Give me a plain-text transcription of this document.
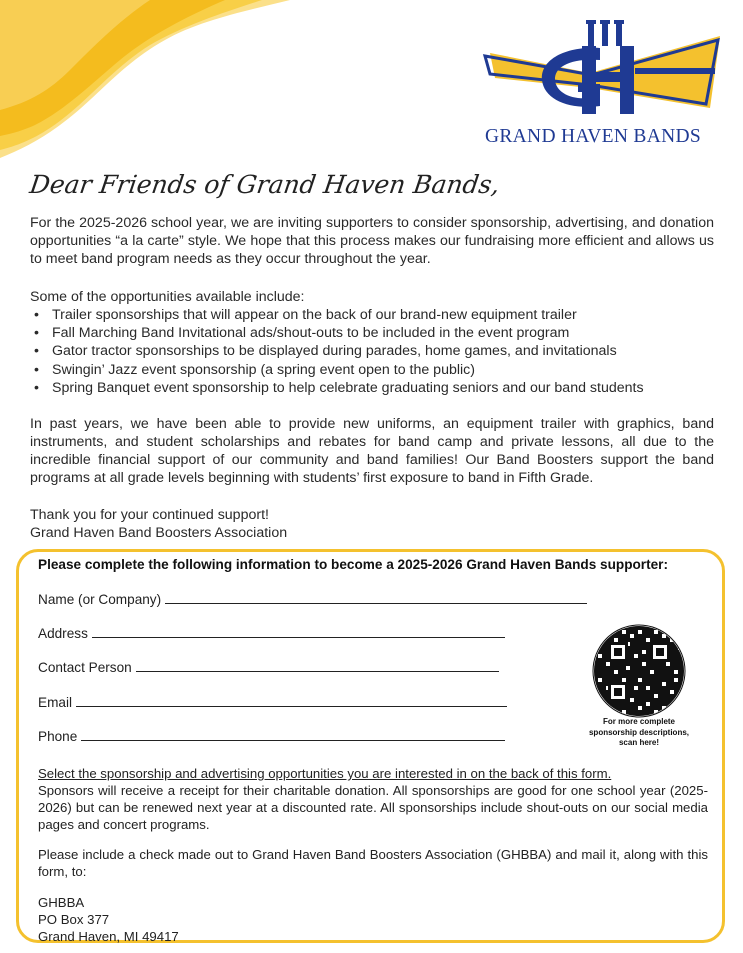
GRAND HAVEN BANDS
Dear Friends of Grand Haven Bands,
For the 2025-2026 school year, we are inviting supporters to consider sponsorship, advertising, and donation opportunities “a la carte” style. We hope that this process makes our fundraising more efficient and allows us to meet band program needs as they occur throughout the year.
Some of the opportunities available include:
• Trailer sponsorships that will appear on the back of our brand-new equipment trailer
• Fall Marching Band Invitational ads/shout-outs to be included in the event program
• Gator tractor sponsorships to be displayed during parades, home games, and invitationals
• Swingin’ Jazz event sponsorship (a spring event open to the public)
• Spring Banquet event sponsorship to help celebrate graduating seniors and our band students
In past years, we have been able to provide new uniforms, an equipment trailer with graphics, band instruments, and student scholarships and rebates for band camp and private lessons, all due to the incredible financial support of our community and band families! Our Band Boosters support the band programs at all grade levels beginning with students’ first exposure to band in Fifth Grade.
Thank you for your continued support!
Grand Haven Band Boosters Association
Please complete the following information to become a 2025-2026 Grand Haven Bands supporter:
Name (or Company)
Address
Contact Person
Email
Phone
For more complete sponsorship descriptions, scan here!
Select the sponsorship and advertising opportunities you are interested in on the back of this form.
Sponsors will receive a receipt for their charitable donation. All sponsorships are good for one school year (2025-2026) but can be renewed next year at a discounted rate. All sponsorships include shout-outs on our social media pages and concert programs.
Please include a check made out to Grand Haven Band Boosters Association (GHBBA) and mail it, along with this form, to:
GHBBA
PO Box 377
Grand Haven, MI 49417
